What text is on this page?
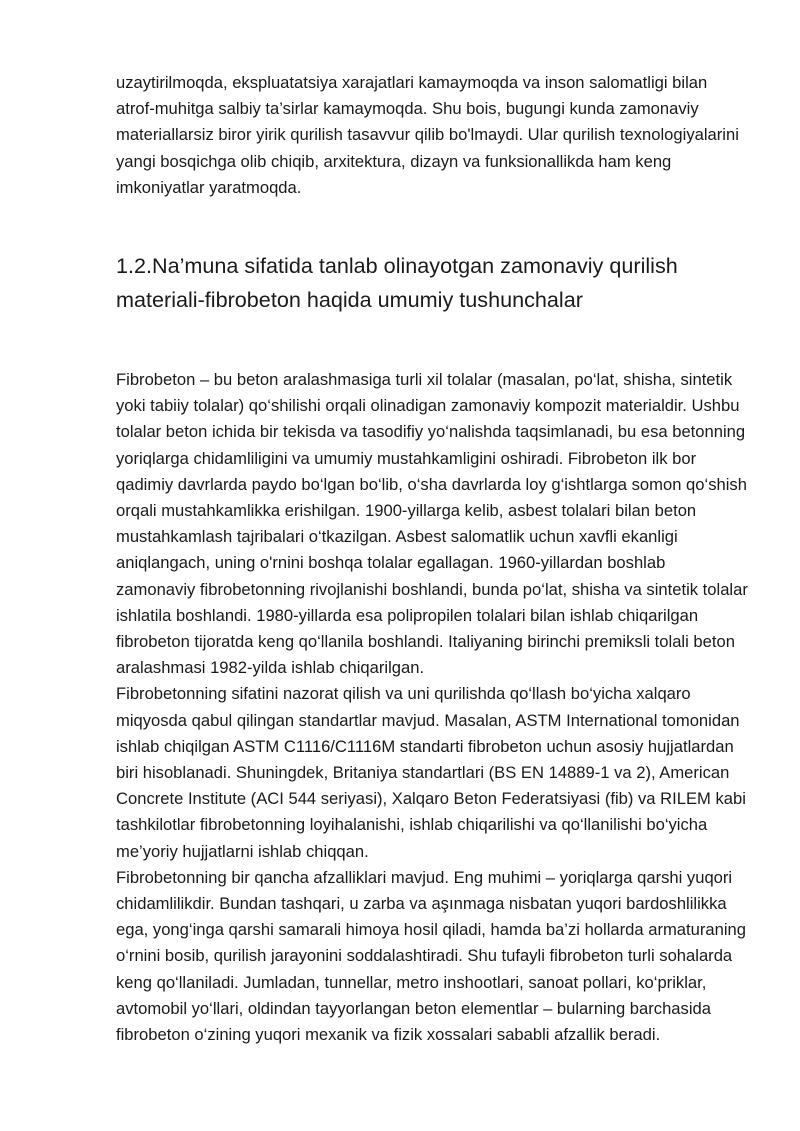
uzaytirilmoqda, ekspluatatsiya xarajatlari kamaymoqda va inson salomatligi bilan atrof-muhitga salbiy ta’sirlar kamaymoqda. Shu bois, bugungi kunda zamonaviy materiallarsiz biror yirik qurilish tasavvur qilib bo'lmaydi. Ular qurilish texnologiyalarini yangi bosqichga olib chiqib, arxitektura, dizayn va funksionallikda ham keng imkoniyatlar yaratmoqda.

1.2.Na’muna sifatida tanlab olinayotgan zamonaviy qurilish materiali-fibrobeton haqida umumiy tushunchalar

Fibrobeton – bu beton aralashmasiga turli xil tolalar (masalan, po‘lat, shisha, sintetik yoki tabiiy tolalar) qo‘shilishi orqali olinadigan zamonaviy kompozit materialdir. Ushbu tolalar beton ichida bir tekisda va tasodifiy yo‘nalishda taqsimlanadi, bu esa betonning yoriqlarga chidamliligini va umumiy mustahkamligini oshiradi. Fibrobeton ilk bor qadimiy davrlarda paydo bo‘lgan bo‘lib, o‘sha davrlarda loy g‘ishtlarga somon qo‘shish orqali mustahkamlikka erishilgan. 1900-yillarga kelib, asbest tolalari bilan beton mustahkamlash tajribalari o‘tkazilgan. Asbest salomatlik uchun xavfli ekanligi aniqlangach, uning o'rnini boshqa tolalar egallagan. 1960-yillardan boshlab zamonaviy fibrobetonning rivojlanishi boshlandi, bunda po‘lat, shisha va sintetik tolalar ishlatila boshlandi. 1980-yillarda esa polipropilen tolalari bilan ishlab chiqarilgan fibrobeton tijoratda keng qo‘llanila boshlandi. Italiyaning birinchi premiksli tolali beton aralashmasi 1982-yilda ishlab chiqarilgan.

Fibrobetonning sifatini nazorat qilish va uni qurilishda qo‘llash bo‘yicha xalqaro miqyosda qabul qilingan standartlar mavjud. Masalan, ASTM International tomonidan ishlab chiqilgan ASTM C1116/C1116M standarti fibrobeton uchun asosiy hujjatlardan biri hisoblanadi. Shuningdek, Britaniya standartlari (BS EN 14889-1 va 2), American Concrete Institute (ACI 544 seriyasi), Xalqaro Beton Federatsiyasi (fib) va RILEM kabi tashkilotlar fibrobetonning loyihalanishi, ishlab chiqarilishi va qo‘llanilishi bo‘yicha me’yoriy hujjatlarni ishlab chiqqan.

Fibrobetonning bir qancha afzalliklari mavjud. Eng muhimi – yoriqlarga qarshi yuqori chidamlilikdir. Bundan tashqari, u zarba va aşınmaga nisbatan yuqori bardoshlilikka ega, yong‘inga qarshi samarali himoya hosil qiladi, hamda ba’zi hollarda armaturaning o‘rnini bosib, qurilish jarayonini soddalashtiradi. Shu tufayli fibrobeton turli sohalarda keng qo‘llaniladi. Jumladan, tunnellar, metro inshootlari, sanoat pollari, ko‘priklar, avtomobil yo‘llari, oldindan tayyorlangan beton elementlar – bularning barchasida fibrobeton o‘zining yuqori mexanik va fizik xossalari sababli afzallik beradi.
